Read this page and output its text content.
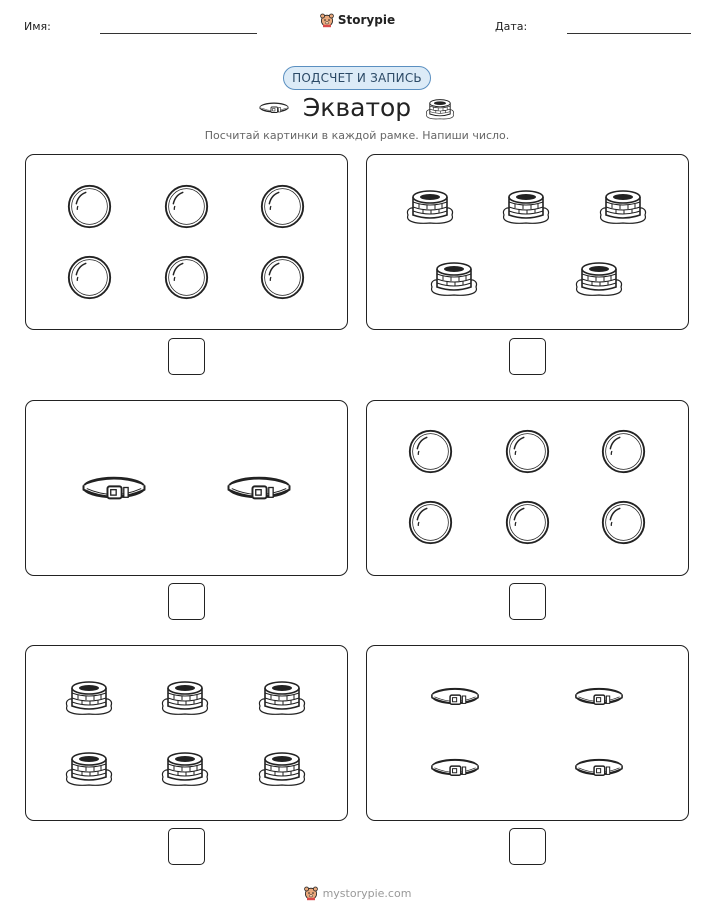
Имя:	Storypie	Дата:
ПОДСЧЕТ И ЗАПИСЬ
Экватор
Посчитай картинки в каждой рамке. Напиши число.
mystorypie.com
